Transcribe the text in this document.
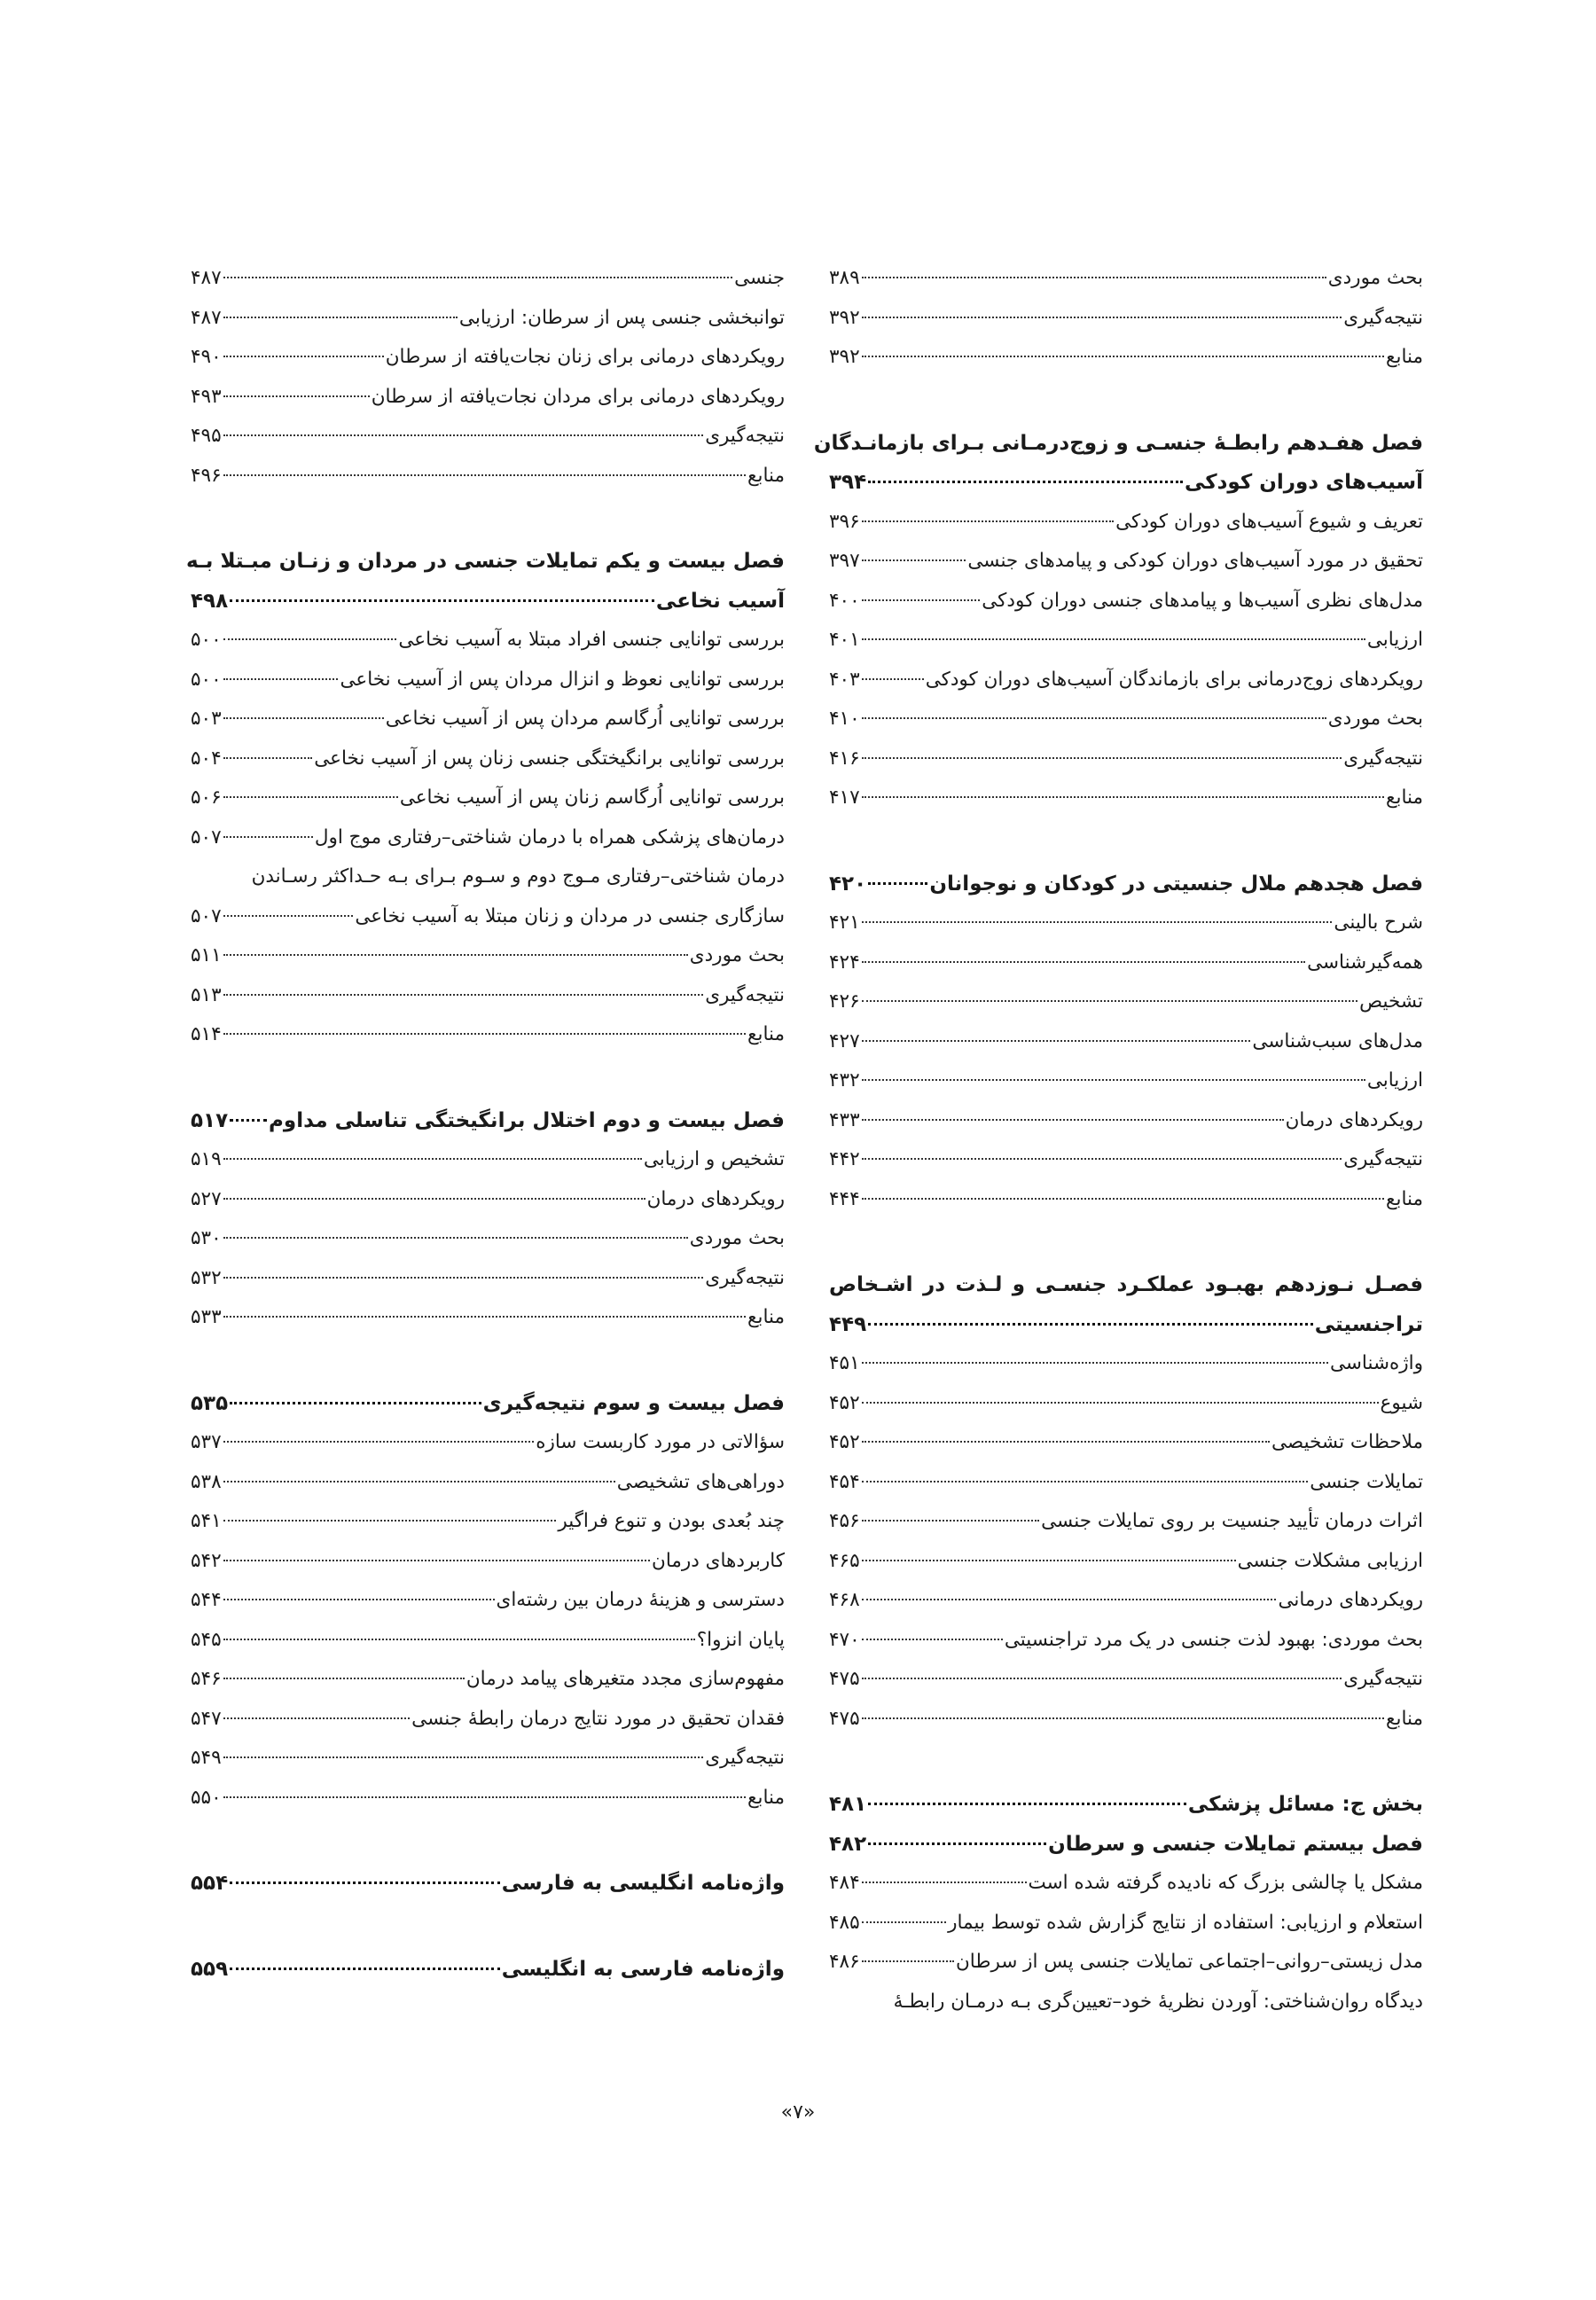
بحث موردی
۳۸۹
نتیجه‌گیری
۳۹۲
منابع
۳۹۲
فصل هفـدهم رابطـۀ جنسـی و زوج‌درمـانی بـرای بازمانـدگان
آسیب‌های دوران کودکی
۳۹۴
تعریف و شیوع آسیب‌های دوران کودکی
۳۹۶
تحقیق در مورد آسیب‌های دوران کودکی و پیامدهای جنسی
۳۹۷
مدل‌های نظری آسیب‌ها و پیامدهای جنسی دوران کودکی
۴۰۰
ارزیابی
۴۰۱
رویکردهای زوج‌درمانی برای بازماندگان آسیب‌های دوران کودکی
۴۰۳
بحث موردی
۴۱۰
نتیجه‌گیری
۴۱۶
منابع
۴۱۷
فصل هجدهم ملال جنسیتی در کودکان و نوجوانان
۴۲۰
شرح بالینی
۴۲۱
همه‌گیرشناسی
۴۲۴
تشخیص
۴۲۶
مدل‌های سبب‌شناسی
۴۲۷
ارزیابی
۴۳۲
رویکردهای درمان
۴۳۳
نتیجه‌گیری
۴۴۲
منابع
۴۴۴
فصـل نـوزدهم بهبـود عملکـرد جنسـی و لـذت در اشـخاص
تراجنسیتی
۴۴۹
واژه‌شناسی
۴۵۱
شیوع
۴۵۲
ملاحظات تشخیصی
۴۵۲
تمایلات جنسی
۴۵۴
اثرات درمان تأیید جنسیت بر روی تمایلات جنسی
۴۵۶
ارزیابی مشکلات جنسی
۴۶۵
رویکردهای درمانی
۴۶۸
بحث موردی: بهبود لذت جنسی در یک مرد تراجنسیتی
۴۷۰
نتیجه‌گیری
۴۷۵
منابع
۴۷۵
بخش ج: مسائل پزشکی
۴۸۱
فصل بیستم تمایلات جنسی و سرطان
۴۸۲
مشکل یا چالشی بزرگ که نادیده گرفته شده است
۴۸۴
استعلام و ارزیابی: استفاده از نتایج گزارش شده توسط بیمار
۴۸۵
مدل زیستی–روانی–اجتماعی تمایلات جنسی پس از سرطان
۴۸۶
دیدگاه روان‌شناختی: آوردن نظریۀ خود–تعیین‌گری بـه درمـان رابطـۀ
جنسی
۴۸۷
توانبخشی جنسی پس از سرطان: ارزیابی
۴۸۷
رویکردهای درمانی برای زنان نجات‌یافته از سرطان
۴۹۰
رویکردهای درمانی برای مردان نجات‌یافته از سرطان
۴۹۳
نتیجه‌گیری
۴۹۵
منابع
۴۹۶
فصل بیست و یکم تمایلات جنسی در مردان و زنـان مبـتلا بـه
آسیب نخاعی
۴۹۸
بررسی توانایی جنسی افراد مبتلا به آسیب نخاعی
۵۰۰
بررسی توانایی نعوظ و انزال مردان پس از آسیب نخاعی
۵۰۰
بررسی توانایی اُرگاسم مردان پس از آسیب نخاعی
۵۰۳
بررسی توانایی برانگیختگی جنسی زنان پس از آسیب نخاعی
۵۰۴
بررسی توانایی اُرگاسم زنان پس از آسیب نخاعی
۵۰۶
درمان‌های پزشکی همراه با درمان شناختی–رفتاری موج اول
۵۰۷
درمان شناختی–رفتاری مـوج دوم و سـوم بـرای بـه حـداکثر رسـاندن
سازگاری جنسی در مردان و زنان مبتلا به آسیب نخاعی
۵۰۷
بحث موردی
۵۱۱
نتیجه‌گیری
۵۱۳
منابع
۵۱۴
فصل بیست و دوم اختلال برانگیختگی تناسلی مداوم
۵۱۷
تشخیص و ارزیابی
۵۱۹
رویکردهای درمان
۵۲۷
بحث موردی
۵۳۰
نتیجه‌گیری
۵۳۲
منابع
۵۳۳
فصل بیست و سوم نتیجه‌گیری
۵۳۵
سؤالاتی در مورد کاربست سازه
۵۳۷
دوراهی‌های تشخیصی
۵۳۸
چند بُعدی بودن و تنوع فراگیر
۵۴۱
کاربردهای درمان
۵۴۲
دسترسی و هزینۀ درمان بین رشته‌ای
۵۴۴
پایان انزوا؟
۵۴۵
مفهوم‌سازی مجدد متغیرهای پیامد درمان
۵۴۶
فقدان تحقیق در مورد نتایج درمان رابطۀ جنسی
۵۴۷
نتیجه‌گیری
۵۴۹
منابع
۵۵۰
واژه‌نامه انگلیسی به فارسی
۵۵۴
واژه‌نامه فارسی به انگلیسی
۵۵۹
«۷»
